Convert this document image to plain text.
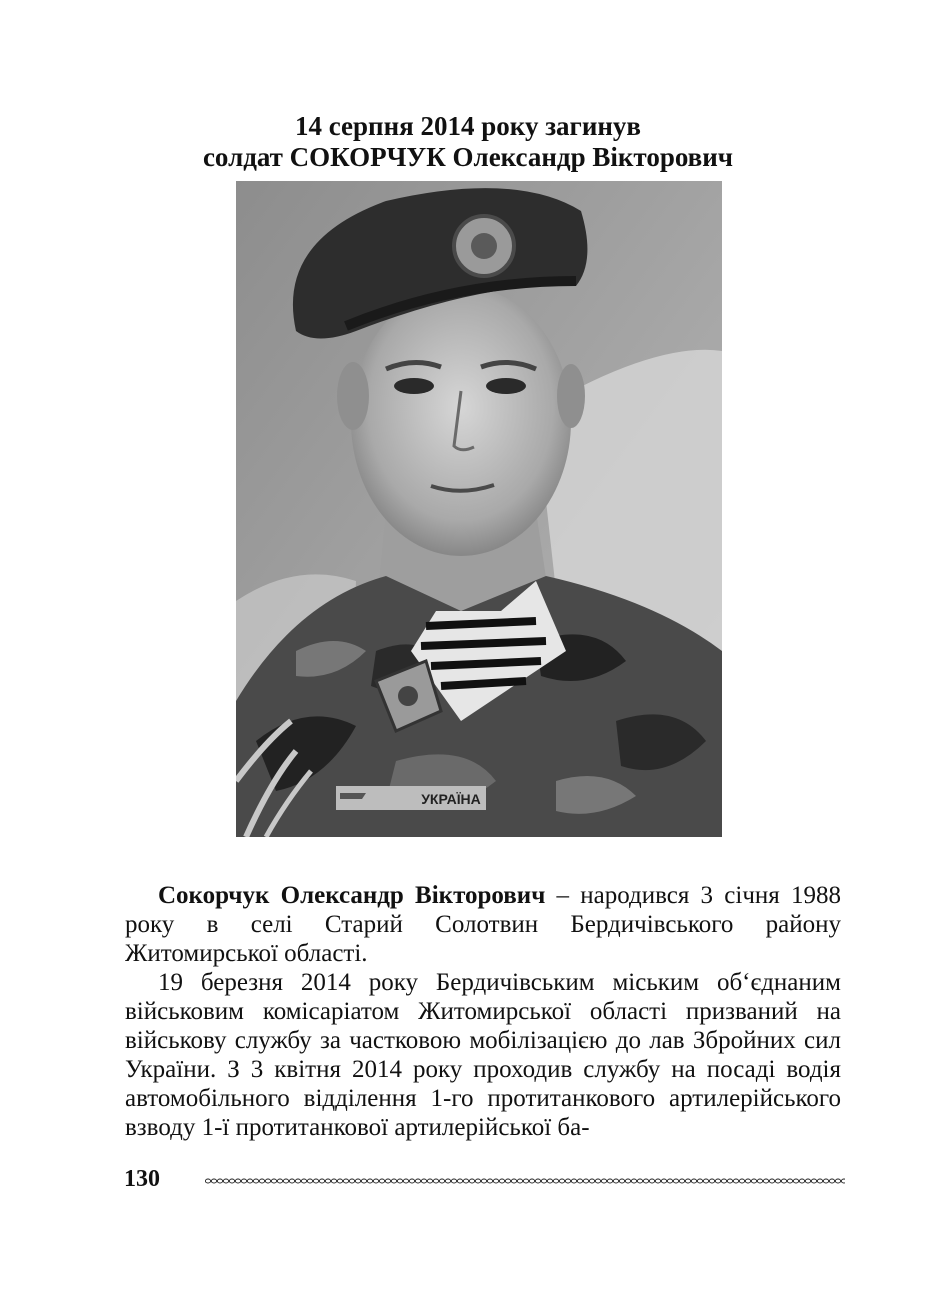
14 серпня 2014 року загинув
солдат СОКОРЧУК Олександр Вікторович
УКРАЇНА
Сокорчук Олександр Вікторович – народився 3 січня 1988 року в селі Старий Солотвин Бердичівського району Житомирської області.
19 березня 2014 року Бердичівським міським об‘єднаним військовим комісаріатом Житомирської області призваний на військову службу за частковою мобілізацією до лав Збройних сил України. З 3 квітня 2014 року проходив службу на посаді водія автомобільного відділення 1-го протитанкового артилерійського взводу 1-ї протитанкової артилерійської ба-
130
